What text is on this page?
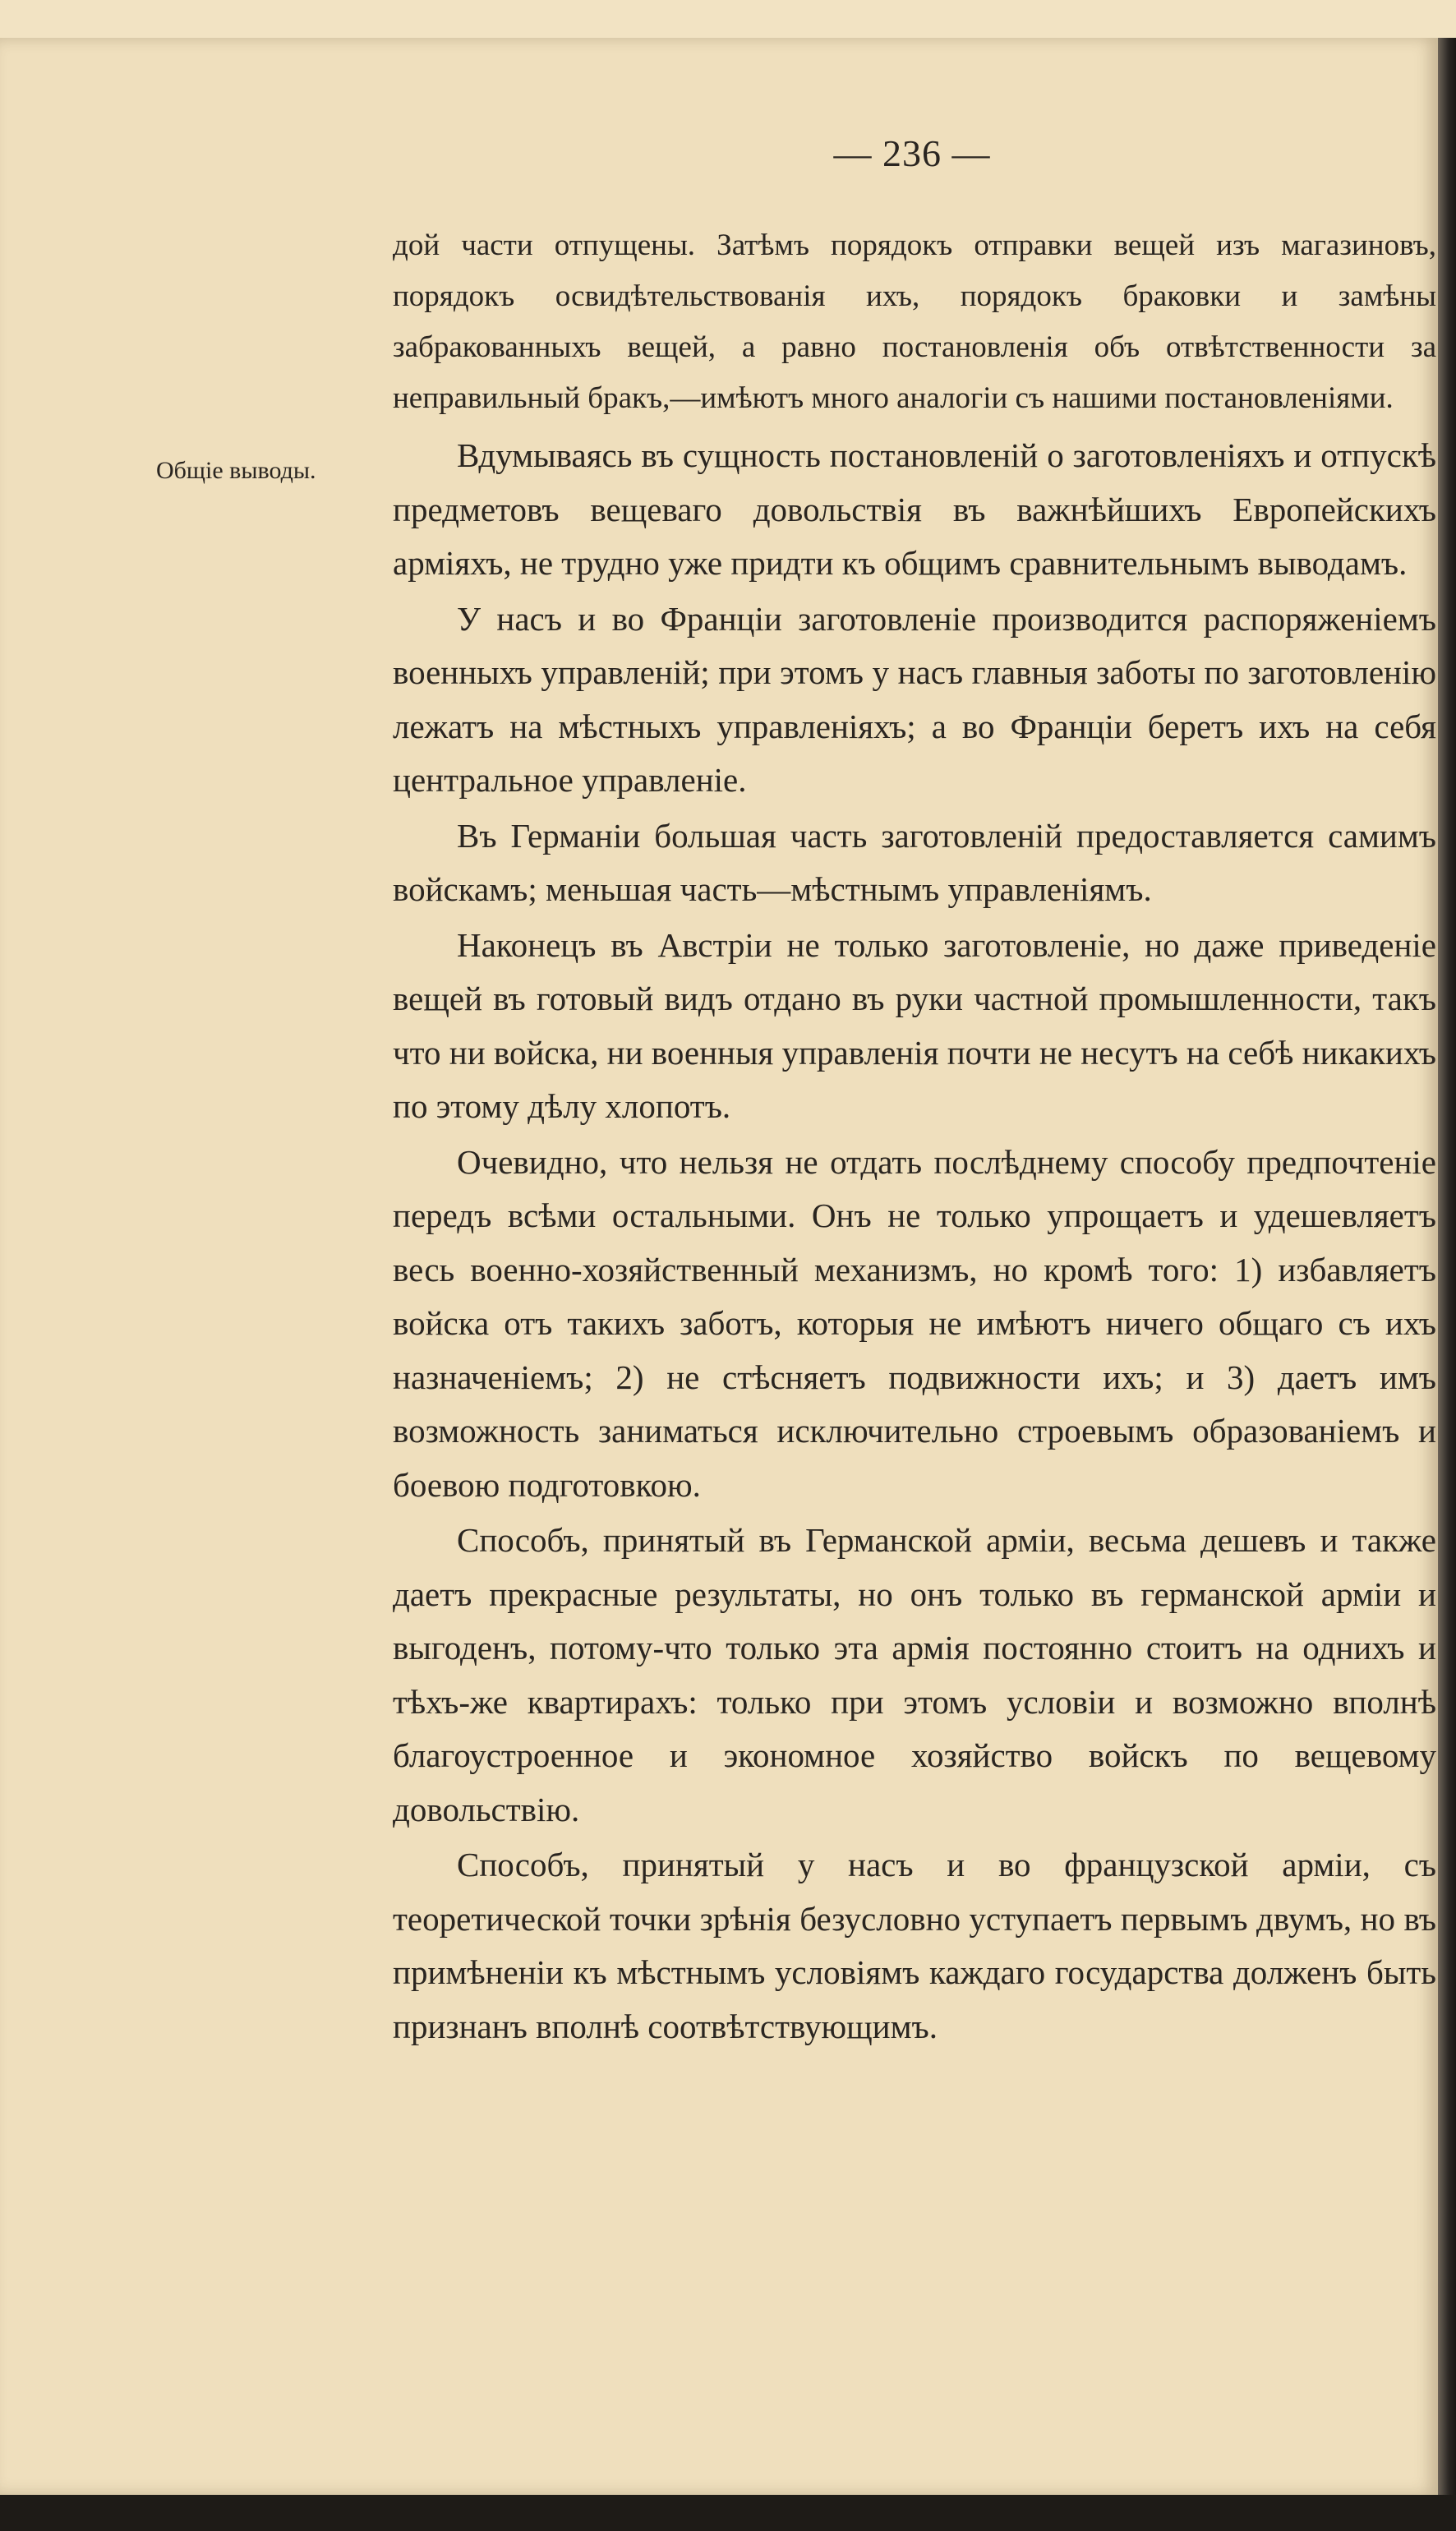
— 236 —
Общіе выводы.

дой части отпущены. Затѣмъ порядокъ отправки вещей изъ магазиновъ, порядокъ освидѣтельствованія ихъ, порядокъ браковки и замѣны забракованныхъ вещей, а равно постановленія объ отвѣтственности за неправильный бракъ,—имѣютъ много аналогіи съ нашими постановленіями.

Вдумываясь въ сущность постановленій о заготовленіяхъ и отпускѣ предметовъ вещеваго довольствія въ важнѣйшихъ Европейскихъ арміяхъ, не трудно уже придти къ общимъ сравнительнымъ выводамъ.

У насъ и во Франціи заготовленіе производится распоряженіемъ военныхъ управленій; при этомъ у насъ главныя заботы по заготовленію лежатъ на мѣстныхъ управленіяхъ; а во Франціи беретъ ихъ на себя центральное управленіе.

Въ Германіи большая часть заготовленій предоставляется самимъ войскамъ; меньшая часть—мѣстнымъ управленіямъ.

Наконецъ въ Австріи не только заготовленіе, но даже приведеніе вещей въ готовый видъ отдано въ руки частной промышленности, такъ что ни войска, ни военныя управленія почти не несутъ на себѣ никакихъ по этому дѣлу хлопотъ.

Очевидно, что нельзя не отдать послѣднему способу предпочтеніе передъ всѣми остальными. Онъ не только упрощаетъ и удешевляетъ весь военно-хозяйственный механизмъ, но кромѣ того: 1) избавляетъ войска отъ такихъ заботъ, которыя не имѣютъ ничего общаго съ ихъ назначеніемъ; 2) не стѣсняетъ подвижности ихъ; и 3) даетъ имъ возможность заниматься исключительно строевымъ образованіемъ и боевою подготовкою.

Способъ, принятый въ Германской арміи, весьма дешевъ и также даетъ прекрасные результаты, но онъ только въ германской арміи и выгоденъ, потому-что только эта армія постоянно стоитъ на однихъ и тѣхъ-же квартирахъ: только при этомъ условіи и возможно вполнѣ благоустроенное и экономное хозяйство войскъ по вещевому довольствію.

Способъ, принятый у насъ и во французской арміи, съ теоретической точки зрѣнія безусловно уступаетъ первымъ двумъ, но въ примѣненіи къ мѣстнымъ условіямъ каждаго государства долженъ быть признанъ вполнѣ соотвѣтствующимъ.
